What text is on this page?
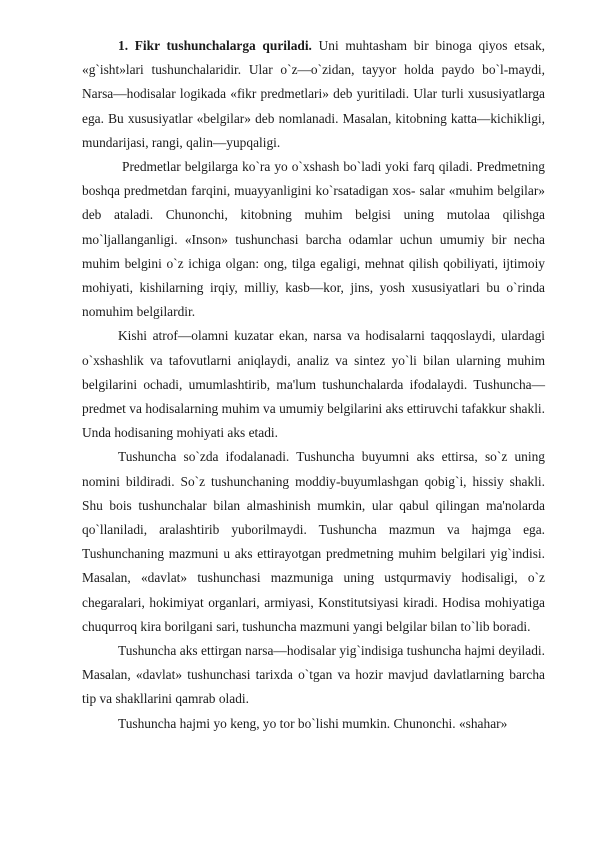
1. Fikr tushunchalarga quriladi. Uni muhtasham bir binoga qiyos etsak, «g`isht»lari tushunchalaridir. Ular o`z—o`zidan, tayyor holda paydo bo`l-maydi, Narsa—hodisalar logikada «fikr predmetlari» deb yuritiladi. Ular turli xususiyatlarga ega. Bu xususiyatlar «belgilar» deb nomlanadi. Masalan, kitobning katta—kichikligi, mundarijasi, rangi, qalin—yupqaligi.

Predmetlar belgilarga ko`ra yo o`xshash bo`ladi yoki farq qiladi. Predmetning boshqa predmetdan farqini, muayyanligini ko`rsatadigan xos- salar «muhim belgilar» deb ataladi. Chunonchi, kitobning muhim belgisi uning mutolaa qilishga mo`ljallanganligi. «Inson» tushunchasi barcha odamlar uchun umumiy bir necha muhim belgini o`z ichiga olgan: ong, tilga egaligi, mehnat qilish qobiliyati, ijtimoiy mohiyati, kishilarning irqiy, milliy, kasb—kor, jins, yosh xususiyatlari bu o`rinda nomuhim belgilardir.

Kishi atrof—olamni kuzatar ekan, narsa va hodisalarni taqqoslaydi, ulardagi o`xshashlik va tafovutlarni aniqlaydi, analiz va sintez yo`li bilan ularning muhim belgilarini ochadi, umumlashtirib, ma'lum tushunchalarda ifodalaydi. Tushuncha—predmet va hodisalarning muhim va umumiy belgilarini aks ettiruvchi tafakkur shakli. Unda hodisaning mohiyati aks etadi.

Tushuncha so`zda ifodalanadi. Tushuncha buyumni aks ettirsa, so`z uning nomini bildiradi. So`z tushunchaning moddiy-buyumlashgan qobig`i, hissiy shakli. Shu bois tushunchalar bilan almashinish mumkin, ular qabul qilingan ma'nolarda qo`llaniladi, aralashtirib yuborilmaydi. Tushuncha mazmun va hajmga ega. Tushunchaning mazmuni u aks ettirayotgan predmetning muhim belgilari yig`indisi. Masalan, «davlat» tushunchasi mazmuniga uning ustqurmaviy hodisaligi, o`z chegaralari, hokimiyat organlari, armiyasi, Konstitutsiyasi kiradi. Hodisa mohiyatiga chuqurroq kira borilgani sari, tushuncha mazmuni yangi belgilar bilan to`lib boradi.

Tushuncha aks ettirgan narsa—hodisalar yig`indisiga tushuncha hajmi deyiladi. Masalan, «davlat» tushunchasi tarixda o`tgan va hozir mavjud davlatlarning barcha tip va shakllarini qamrab oladi.

Tushuncha hajmi yo keng, yo tor bo`lishi mumkin. Chunonchi. «shahar»
